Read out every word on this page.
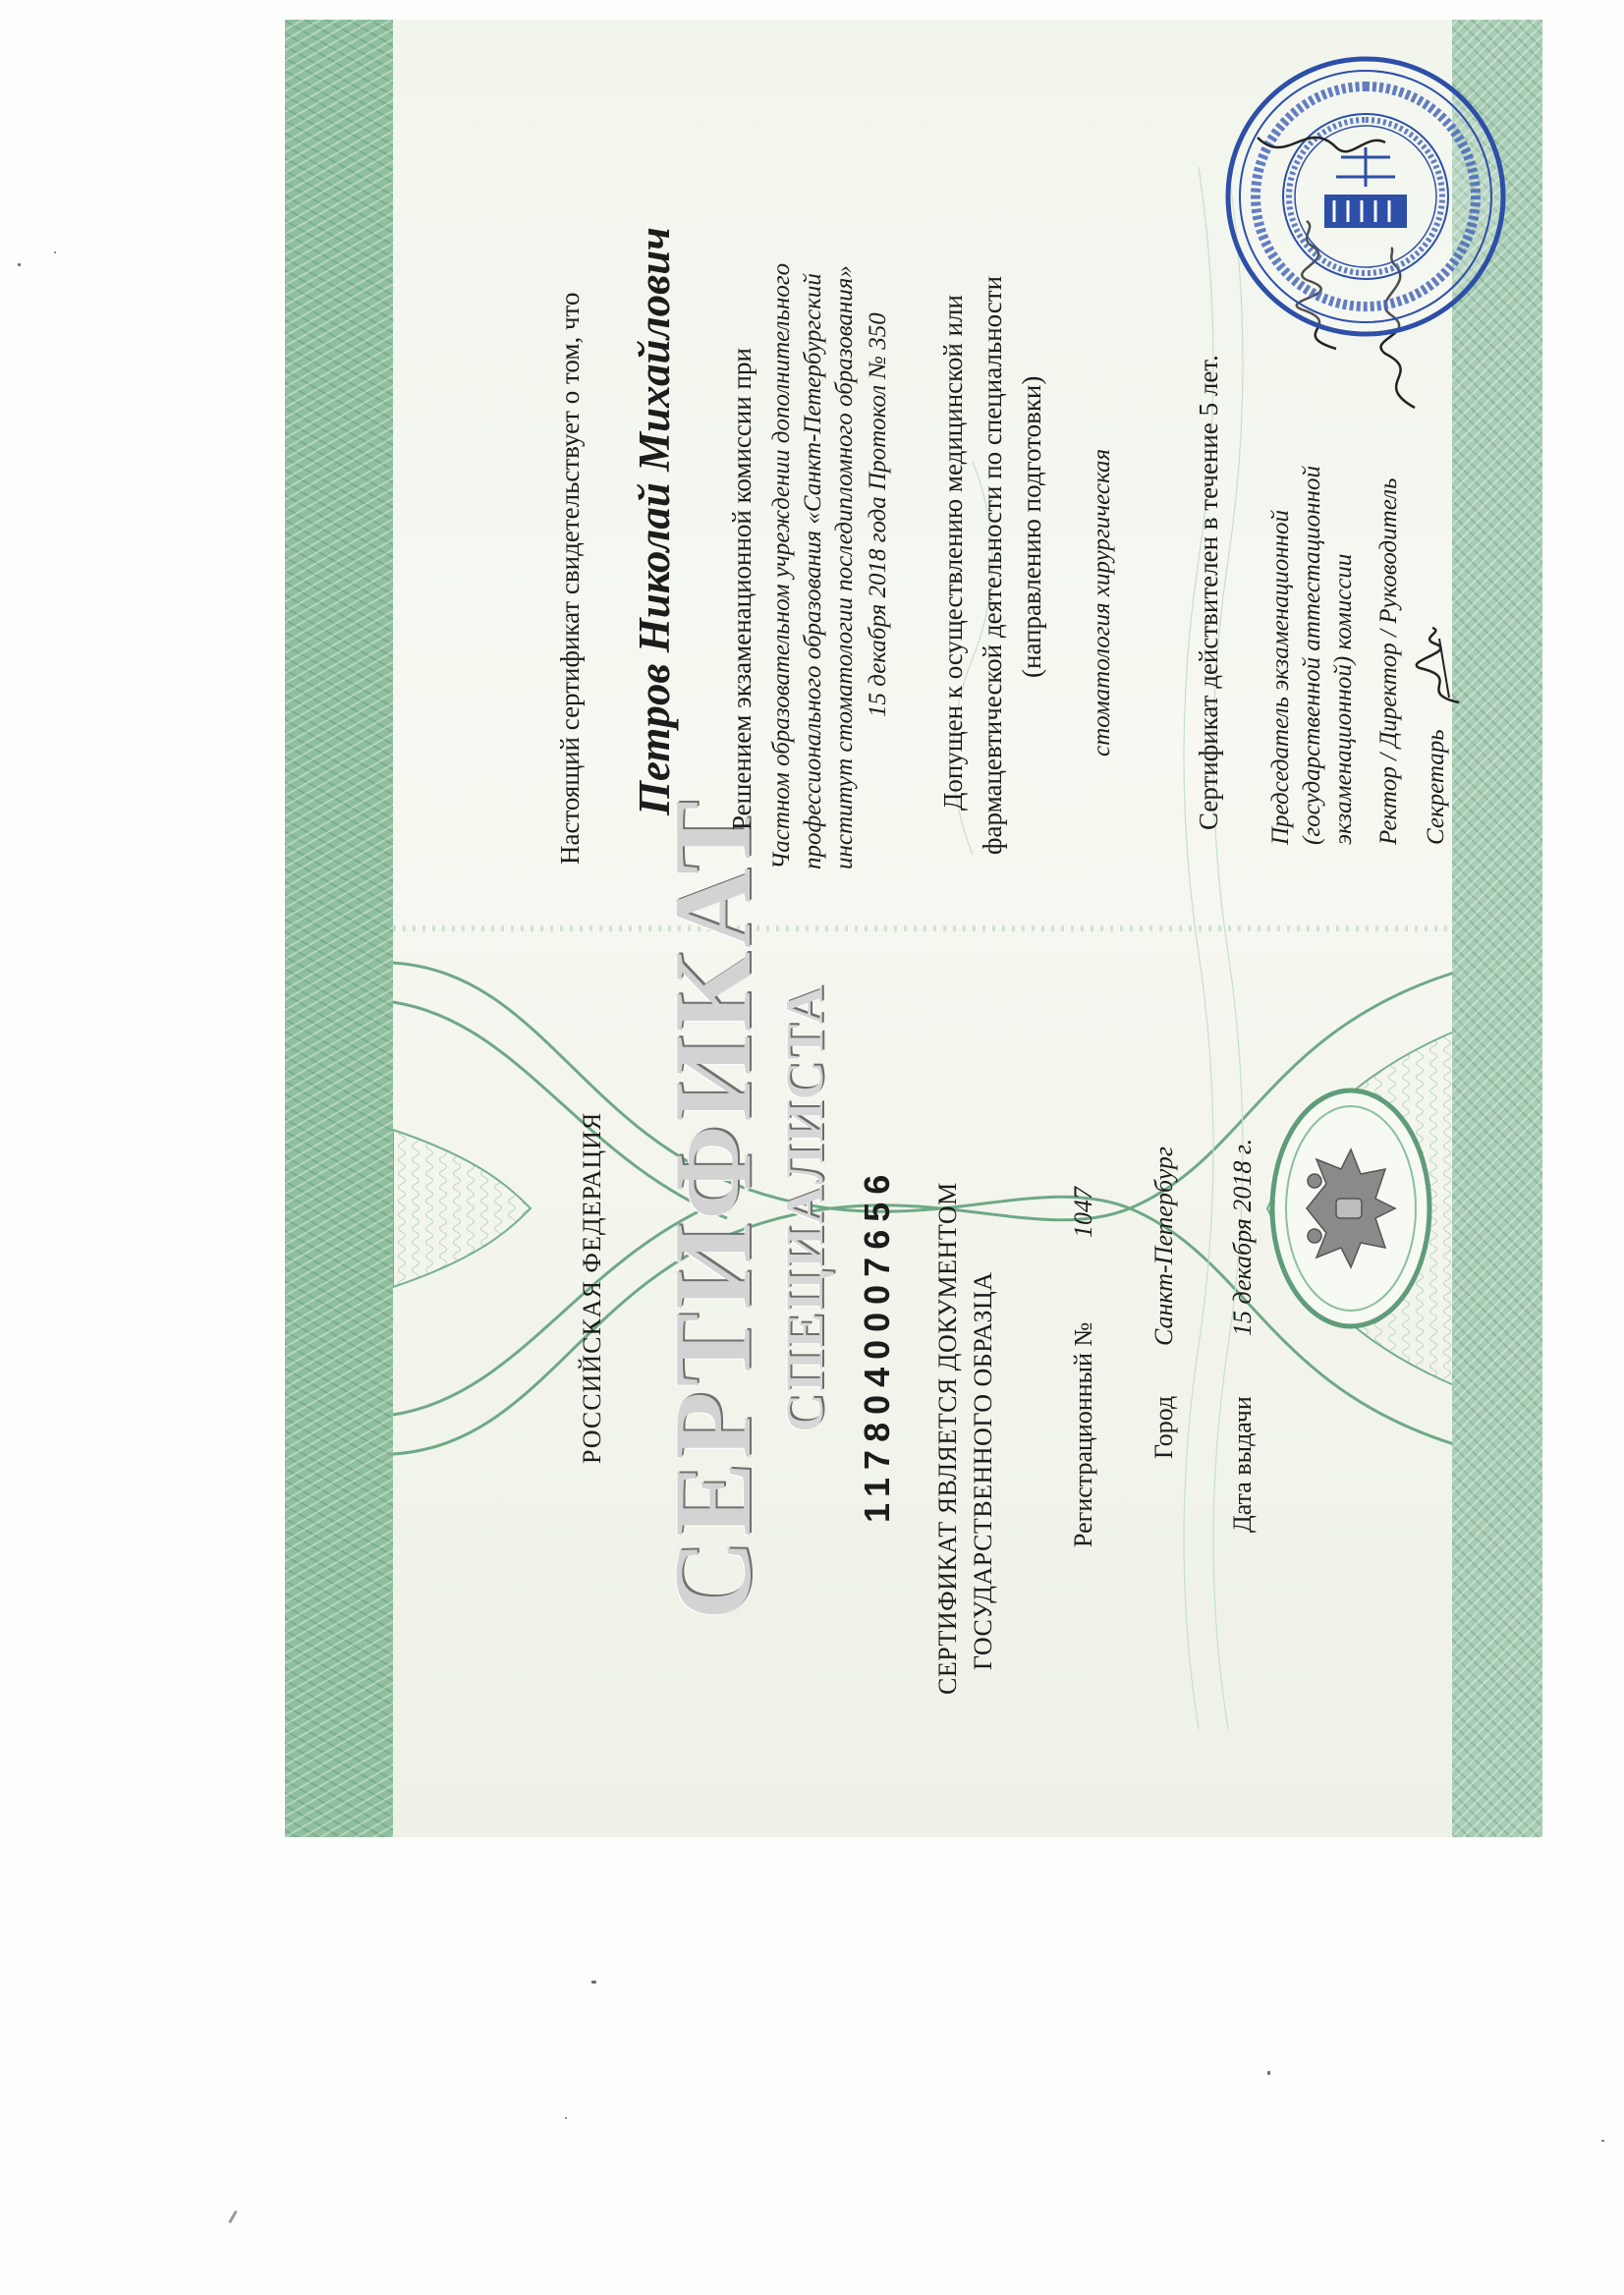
РОССИЙСКАЯ ФЕДЕРАЦИЯ СЕРТИФИКАТ СПЕЦИАЛИСТА 1178040007656 СЕРТИФИКАТ ЯВЛЯЕТСЯ ДОКУМЕНТОМ ГОСУДАРСТВЕННОГО ОБРАЗЦА	Регистрационный №
1047
Город
Санкт-Петербург
Дата выдачи
15 декабря 2018 г.
Настоящий сертификат свидетельствует о том, что Петров Николай Михайлович Решением экзаменационной комиссии при Частном образовательном учреждении дополнительного профессионального образования «Санкт-Петербургский институт стоматологии последипломного образования» 15 декабря 2018 года Протокол № 350 Допущен к осуществлению медицинской или фармацевтической деятельности по специальности (направлению подготовки) стоматология хирургическая	Сертификат действителен в течение 5 лет. Председатель экзаменационной (государственной аттестационной экзаменационной) комиссии Ректор / Директор / Руководитель Секретарь
